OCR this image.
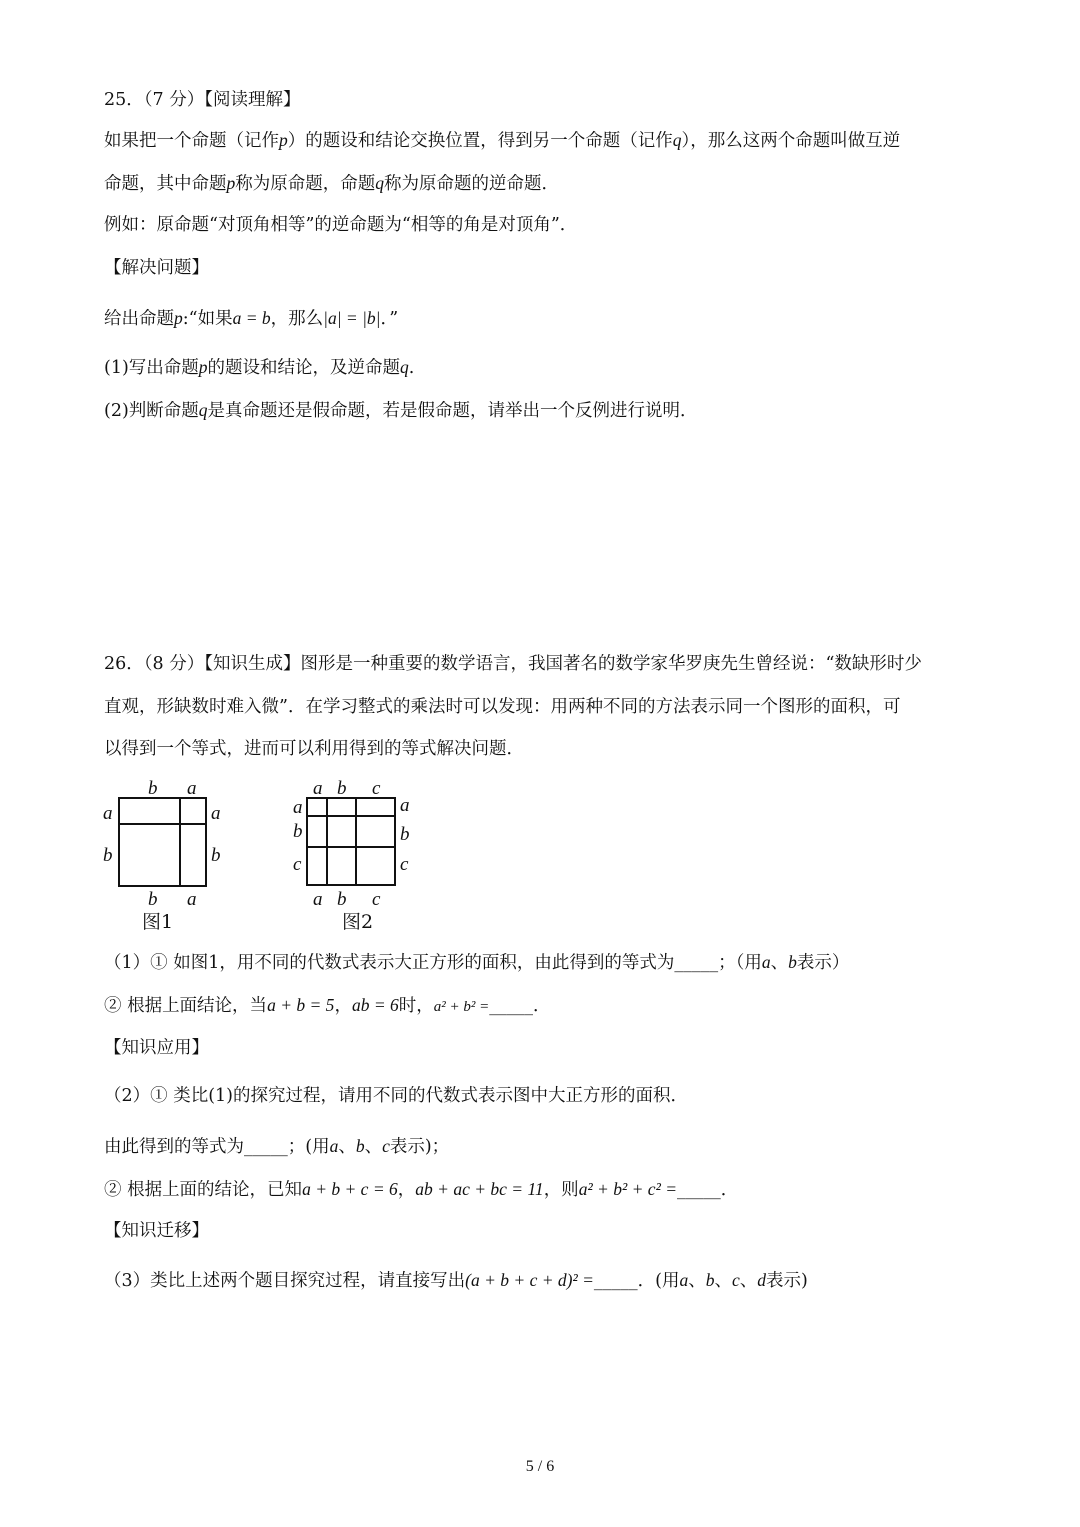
25．（7 分）【阅读理解】
如果把一个命题（记作p）的题设和结论交换位置，得到另一个命题（记作q），那么这两个命题叫做互逆
命题，其中命题p称为原命题，命题q称为原命题的逆命题．
例如：原命题“对顶角相等”的逆命题为“相等的角是对顶角”．
【解决问题】
给出命题p:“如果a = b，那么|a| = |b|．”
(1)写出命题p的题设和结论，及逆命题q.
(2)判断命题q是真命题还是假命题，若是假命题，请举出一个反例进行说明．
26．（8 分）【知识生成】图形是一种重要的数学语言，我国著名的数学家华罗庚先生曾经说：“数缺形时少
直观，形缺数时难入微”．在学习整式的乘法时可以发现：用两种不同的方法表示同一个图形的面积，可
以得到一个等式，进而可以利用得到的等式解决问题．
b a
b a
a
b
a
b
图1
a b c
a b c
a
b
c
a
b
c
图2
（1）① 如图1，用不同的代数式表示大正方形的面积，由此得到的等式为_____；（用a、b表示）
② 根据上面结论，当a + b = 5，ab = 6时，a² + b² =_____．
【知识应用】
（2）① 类比(1)的探究过程，请用不同的代数式表示图中大正方形的面积．
由此得到的等式为_____；(用a、b、c表示)；
② 根据上面的结论，已知a + b + c = 6，ab + ac + bc = 11，则a² + b² + c² =_____．
【知识迁移】
（3）类比上述两个题目探究过程，请直接写出(a + b + c + d)² =_____．(用a、b、c、d表示)
5 / 6
